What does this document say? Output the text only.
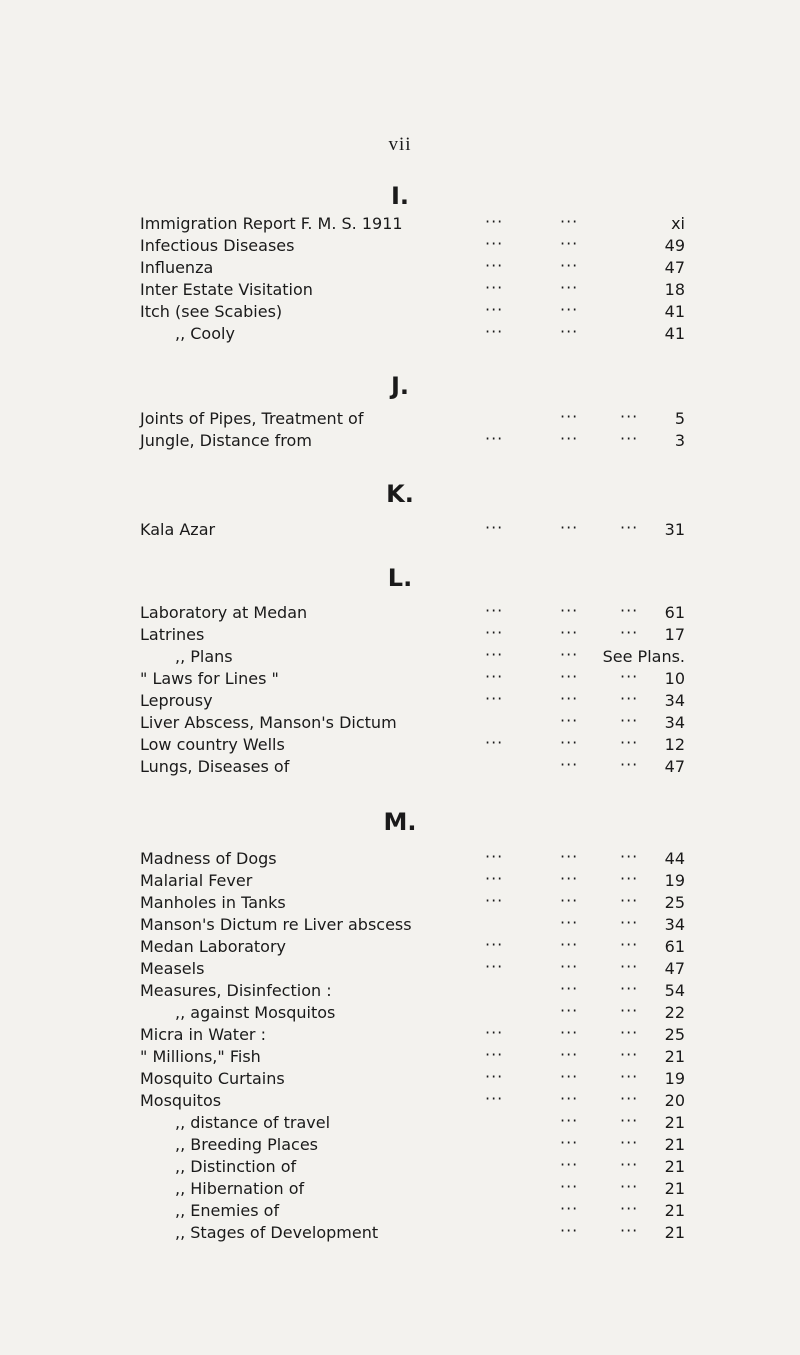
vii
I.
Immigration Report F. M. S. 1911	···	···	xi
Infectious Diseases	···	···	49
Influenza	···	···	47
Inter Estate Visitation	···	···	18
Itch (see Scabies)	···	···	41
,, Cooly	···	···	41
J.
Joints of Pipes, Treatment of	···	··· 5
Jungle, Distance from	···	···	··· 3
K.
Kala Azar	···	···	··· 31
L.
Laboratory at Medan	···	···	··· 61
Latrines	···	···	··· 17
,, Plans	···	··· See Plans.
" Laws for Lines "	···	···	··· 10
Leprousy	···	···	··· 34
Liver Abscess, Manson's Dictum	···	··· 34
Low country Wells	···	···	··· 12
Lungs, Diseases of	···	··· 47
M.
Madness of Dogs	···	···	··· 44
Malarial Fever	···	···	··· 19
Manholes in Tanks	···	···	··· 25
Manson's Dictum re Liver abscess	···	··· 34
Medan Laboratory	···	···	··· 61
Measels	···	···	··· 47
Measures, Disinfection :	···	··· 54
,, against Mosquitos	···	··· 22
Micra in Water :	···	···	··· 25
" Millions," Fish	···	···	··· 21
Mosquito Curtains	···	···	··· 19
Mosquitos	···	···	··· 20
,, distance of travel	···	··· 21
,, Breeding Places	···	··· 21
,, Distinction of	···	··· 21
,, Hibernation of	···	··· 21
,, Enemies of	···	··· 21
,, Stages of Development	···	··· 21
